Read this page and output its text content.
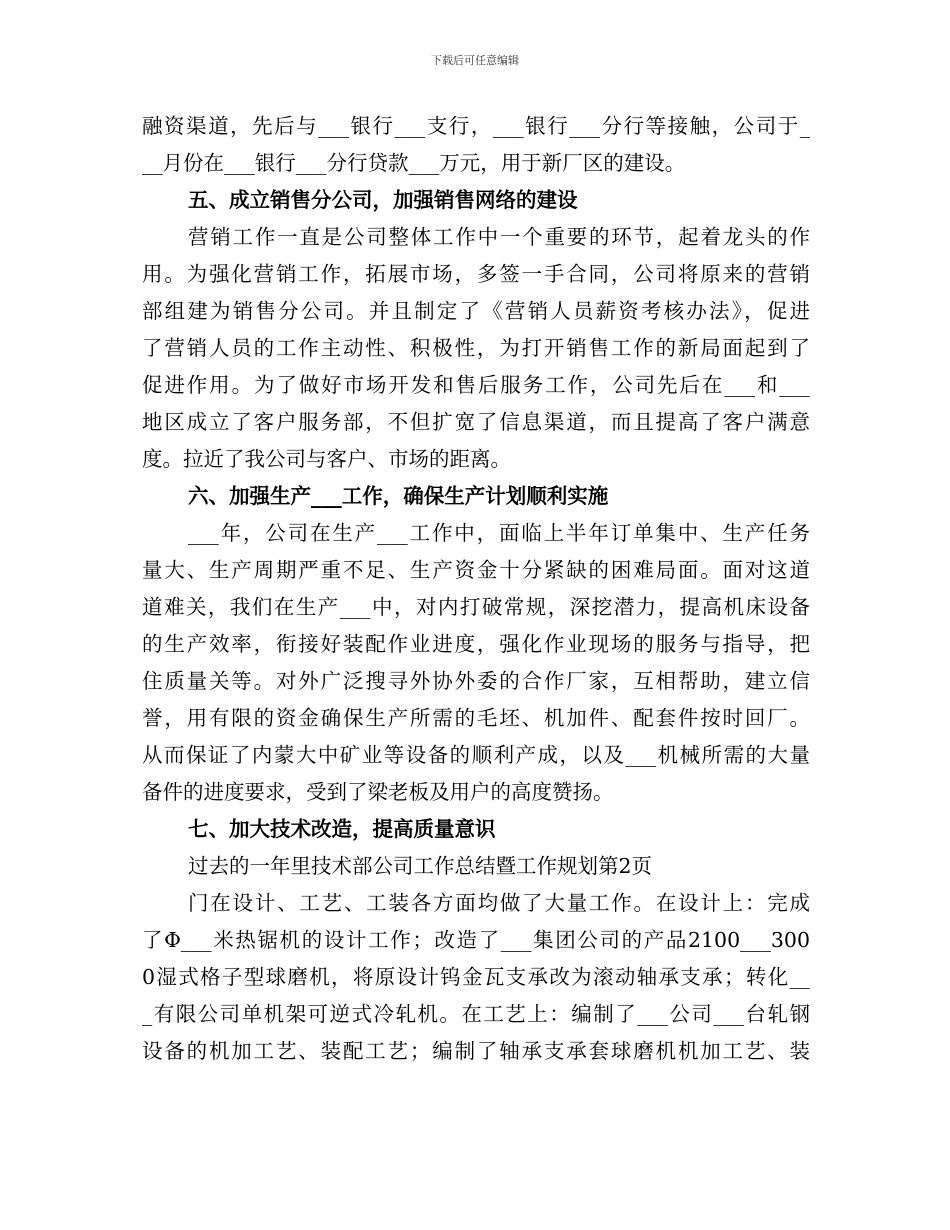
下载后可任意编辑
融资渠道，先后与___银行___支行，___银行___分行等接触，公司于_
__月份在___银行___分行贷款___万元，用于新厂区的建设。
五、成立销售分公司，加强销售网络的建设
营销工作一直是公司整体工作中一个重要的环节，起着龙头的作
用。为强化营销工作，拓展市场，多签一手合同，公司将原来的营销
部组建为销售分公司。并且制定了《营销人员薪资考核办法》，促进
了营销人员的工作主动性、积极性，为打开销售工作的新局面起到了
促进作用。为了做好市场开发和售后服务工作，公司先后在___和___
地区成立了客户服务部，不但扩宽了信息渠道，而且提高了客户满意
度。拉近了我公司与客户、市场的距离。
六、加强生产___工作，确保生产计划顺利实施
___年，公司在生产___工作中，面临上半年订单集中、生产任务
量大、生产周期严重不足、生产资金十分紧缺的困难局面。面对这道
道难关，我们在生产___中，对内打破常规，深挖潜力，提高机床设备
的生产效率，衔接好装配作业进度，强化作业现场的服务与指导，把
住质量关等。对外广泛搜寻外协外委的合作厂家，互相帮助，建立信
誉，用有限的资金确保生产所需的毛坯、机加件、配套件按时回厂。
从而保证了内蒙大中矿业等设备的顺利产成，以及___机械所需的大量
备件的进度要求，受到了梁老板及用户的高度赞扬。
七、加大技术改造，提高质量意识
过去的一年里技术部公司工作总结暨工作规划第2页
门在设计、工艺、工装各方面均做了大量工作。在设计上：完成
了Φ___米热锯机的设计工作；改造了___集团公司的产品2100___300
0湿式格子型球磨机，将原设计钨金瓦支承改为滚动轴承支承；转化__
_有限公司单机架可逆式冷轧机。在工艺上：编制了___公司___台轧钢
设备的机加工艺、装配工艺；编制了轴承支承套球磨机机加工艺、装
